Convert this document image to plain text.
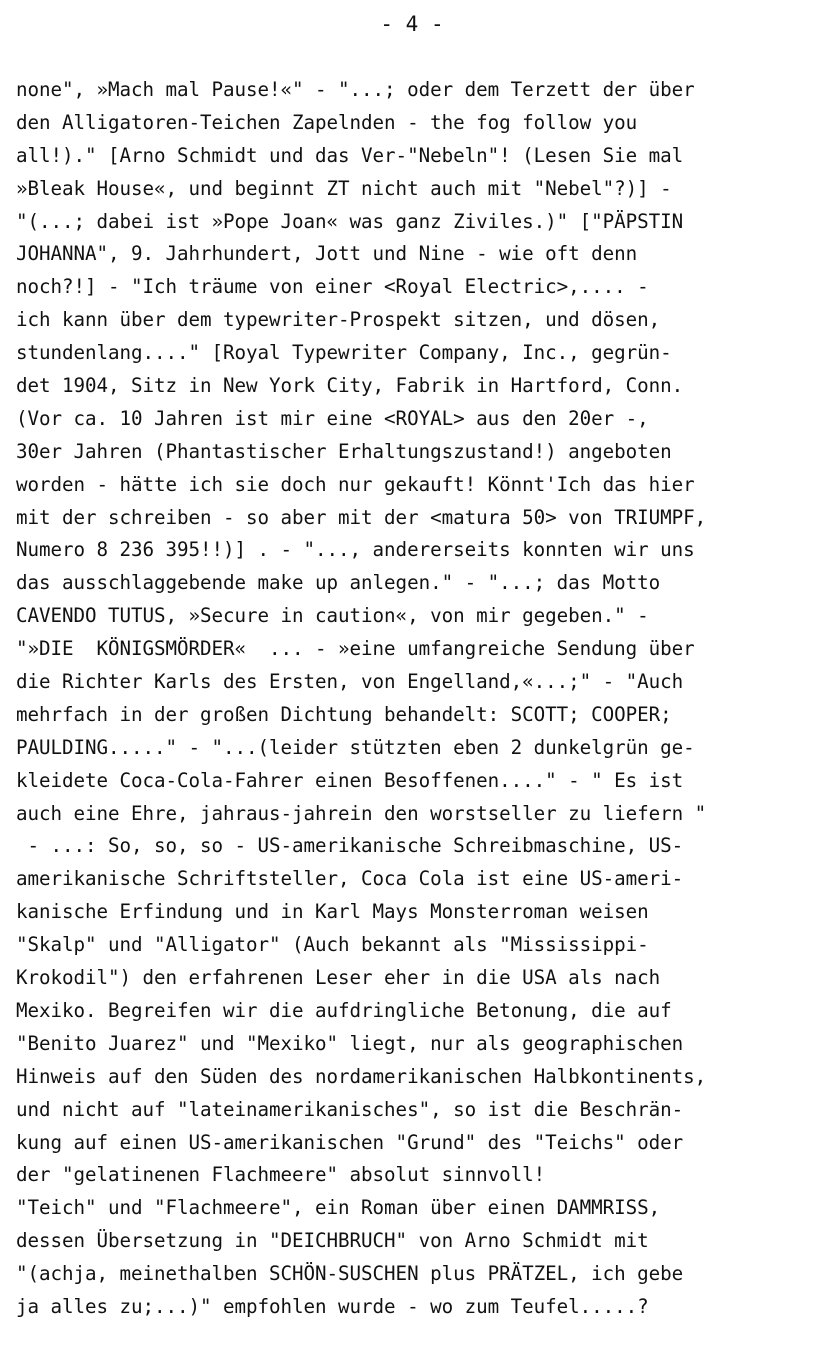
- 4 -
none", »Mach mal Pause!«" - "...; oder dem Terzett der über
den Alligatoren-Teichen Zapelnden - the fog follow you
all!)." [Arno Schmidt und das Ver-"Nebeln"! (Lesen Sie mal
»Bleak House«, und beginnt ZT nicht auch mit "Nebel"?)] -
"(...; dabei ist »Pope Joan« was ganz Ziviles.)" ["PÄPSTIN
JOHANNA", 9. Jahrhundert, Jott und Nine - wie oft denn
noch?!] - "Ich träume von einer <Royal Electric>,.... -
ich kann über dem typewriter-Prospekt sitzen, und dösen,
stundenlang...." [Royal Typewriter Company, Inc., gegrün-
det 1904, Sitz in New York City, Fabrik in Hartford, Conn.
(Vor ca. 10 Jahren ist mir eine <ROYAL> aus den 20er -,
30er Jahren (Phantastischer Erhaltungszustand!) angeboten
worden - hätte ich sie doch nur gekauft! Könnt'Ich das hier
mit der schreiben - so aber mit der <matura 50> von TRIUMPF,
Numero 8 236 395!!)] . - "..., andererseits konnten wir uns
das ausschlaggebende make up anlegen." - "...; das Motto
CAVENDO TUTUS, »Secure in caution«, von mir gegeben." -
"»DIE  KÖNIGSMÖRDER«  ... - »eine umfangreiche Sendung über
die Richter Karls des Ersten, von Engelland,«...;" - "Auch
mehrfach in der großen Dichtung behandelt: SCOTT; COOPER;
PAULDING....." - "...(leider stützten eben 2 dunkelgrün ge-
kleidete Coca-Cola-Fahrer einen Besoffenen...." - " Es ist
auch eine Ehre, jahraus-jahrein den worstseller zu liefern "
- ...: So, so, so - US-amerikanische Schreibmaschine, US-
amerikanische Schriftsteller, Coca Cola ist eine US-ameri-
kanische Erfindung und in Karl Mays Monsterroman weisen
"Skalp" und "Alligator" (Auch bekannt als "Mississippi-
Krokodil") den erfahrenen Leser eher in die USA als nach
Mexiko. Begreifen wir die aufdringliche Betonung, die auf
"Benito Juarez" und "Mexiko" liegt, nur als geographischen
Hinweis auf den Süden des nordamerikanischen Halbkontinents,
und nicht auf "lateinamerikanisches", so ist die Beschrän-
kung auf einen US-amerikanischen "Grund" des "Teichs" oder
der "gelatinenen Flachmeere" absolut sinnvoll!
"Teich" und "Flachmeere", ein Roman über einen DAMMRISS,
dessen Übersetzung in "DEICHBRUCH" von Arno Schmidt mit
"(achja, meinethalben SCHÖN-SUSCHEN plus PRÄTZEL, ich gebe
ja alles zu;...)" empfohlen wurde - wo zum Teufel.....?
